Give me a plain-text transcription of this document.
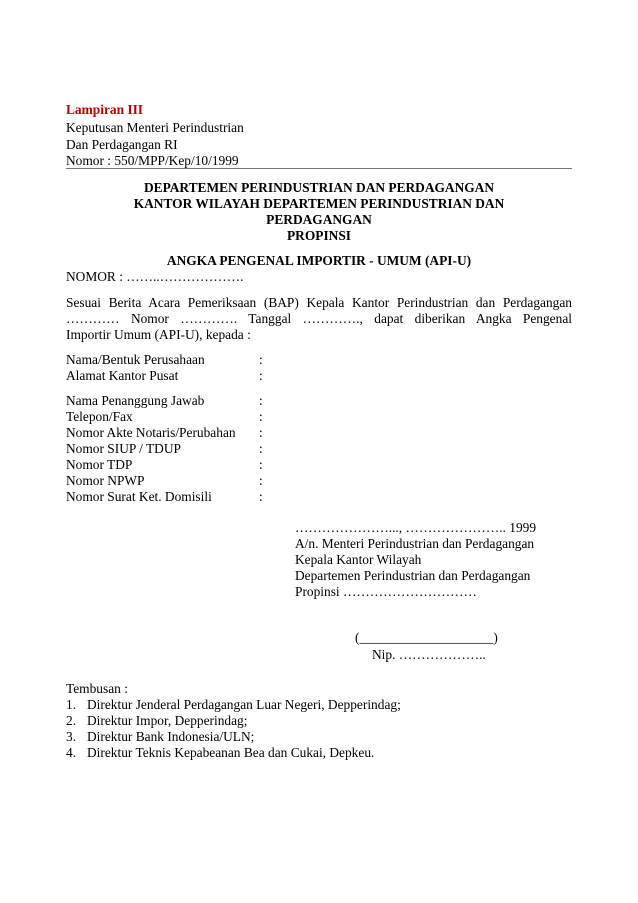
Lampiran III
Keputusan Menteri Perindustrian
Dan Perdagangan RI
Nomor : 550/MPP/Kep/10/1999
DEPARTEMEN PERINDUSTRIAN DAN PERDAGANGAN
KANTOR WILAYAH DEPARTEMEN PERINDUSTRIAN DAN
PERDAGANGAN
PROPINSI
ANGKA PENGENAL IMPORTIR - UMUM (API-U)
NOMOR : ……..……………….
Sesuai Berita Acara Pemeriksaan (BAP) Kepala Kantor Perindustrian dan Perdagangan
………… Nomor …………. Tanggal …………., dapat diberikan Angka Pengenal
Importir Umum (API-U), kepada :
Nama/Bentuk Perusahaan	:
Alamat Kantor Pusat	:
Nama Penanggung Jawab	:
Telepon/Fax	:
Nomor Akte Notaris/Perubahan :
Nomor SIUP / TDUP	:
Nomor TDP	:
Nomor NPWP	:
Nomor Surat Ket. Domisili	:
…………………..., ………………….. 1999
A/n. Menteri Perindustrian dan Perdagangan
Kepala Kantor Wilayah
Departemen Perindustrian dan Perdagangan
Propinsi …………………………
(____________________)
Nip. ………………..
Tembusan :
1. Direktur Jenderal Perdagangan Luar Negeri, Depperindag;
2. Direktur Impor, Depperindag;
3. Direktur Bank Indonesia/ULN;
4. Direktur Teknis Kepabeanan Bea dan Cukai, Depkeu.
